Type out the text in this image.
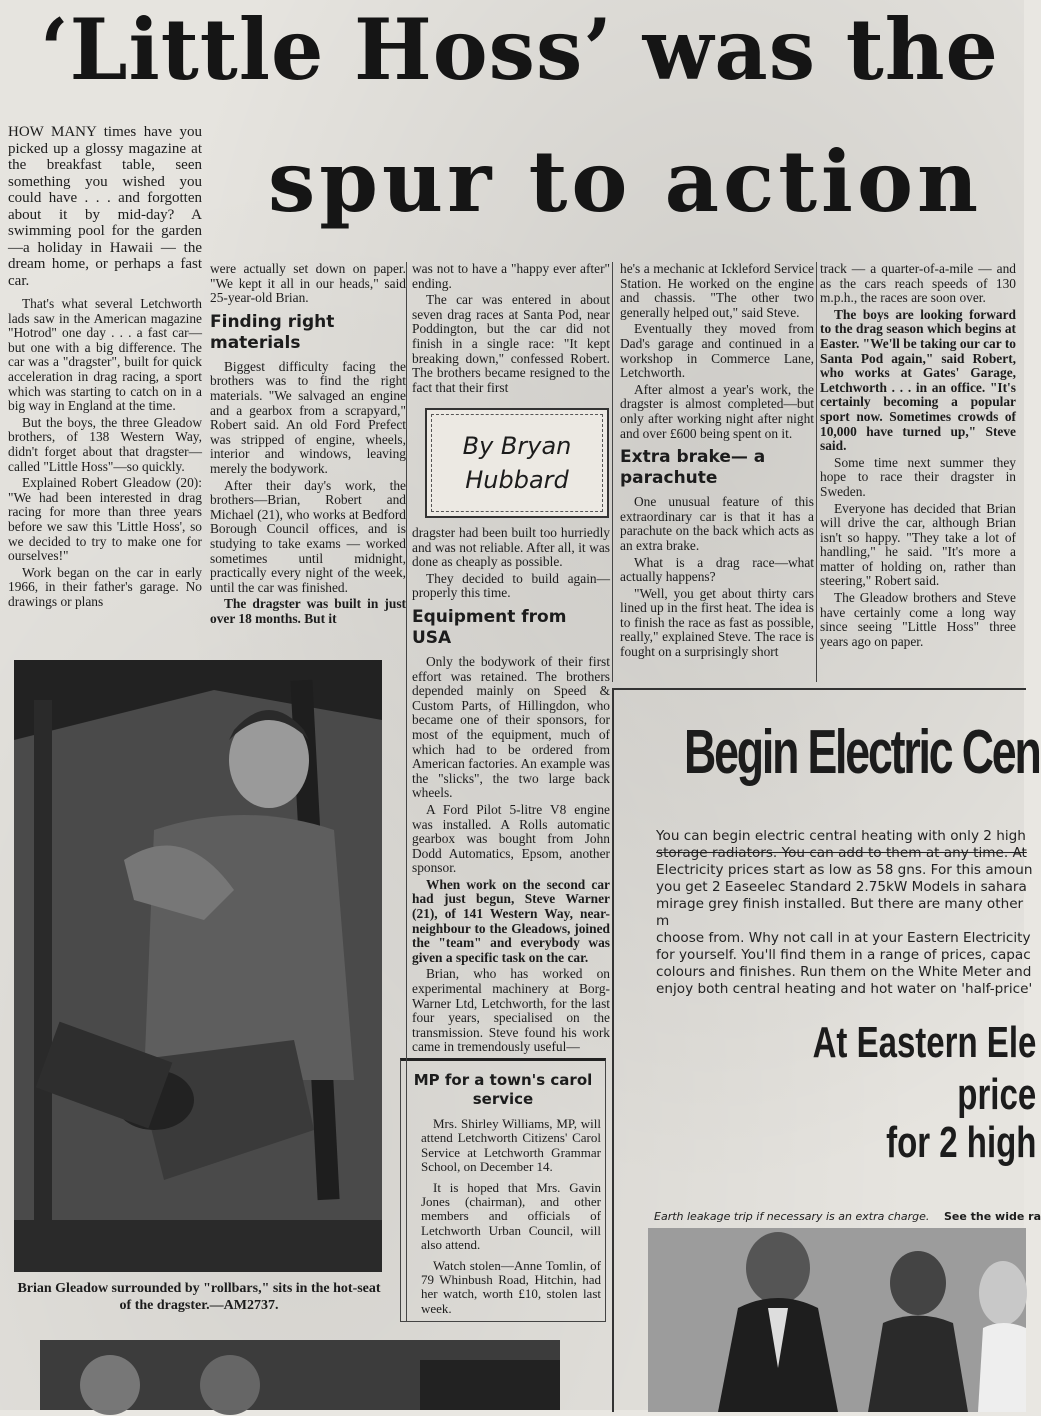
‘Little Hoss’ was the
spur to action

HOW MANY times have you picked up a glossy magazine at the breakfast table, seen something you wished you could have . . . and forgotten about it by mid-day? A swimming pool for the garden—a holiday in Hawaii — the dream home, or perhaps a fast car.

That's what several Letchworth lads saw in the American magazine "Hotrod" one day . . . a fast car—but one with a big difference. The car was a "dragster", built for quick acceleration in drag racing, a sport which was starting to catch on in a big way in England at the time.

But the boys, the three Gleadow brothers, of 138 Western Way, didn't forget about that dragster—called "Little Hoss"—so quickly.

Explained Robert Gleadow (20): "We had been interested in drag racing for more than three years before we saw this 'Little Hoss', so we decided to try to make one for ourselves!"

Work began on the car in early 1966, in their father's garage. No drawings or plans

were actually set down on paper. "We kept it all in our heads," said 25-year-old Brian.

Finding right materials

Biggest difficulty facing the brothers was to find the right materials. "We salvaged an engine and a gearbox from a scrapyard," Robert said. An old Ford Prefect was stripped of engine, wheels, interior and windows, leaving merely the bodywork.

After their day's work, the brothers—Brian, Robert and Michael (21), who works at Bedford Borough Council offices, and is studying to take exams — worked sometimes until midnight, practically every night of the week, until the car was finished.

The dragster was built in just over 18 months. But it

was not to have a "happy ever after" ending.

The car was entered in about seven drag races at Santa Pod, near Poddington, but the car did not finish in a single race: "It kept breaking down," confessed Robert. The brothers became resigned to the fact that their first

By Bryan
Hubbard

dragster had been built too hurriedly and was not reliable. After all, it was done as cheaply as possible.

They decided to build again—properly this time.

Equipment from USA

Only the bodywork of their first effort was retained. The brothers depended mainly on Speed & Custom Parts, of Hillingdon, who became one of their sponsors, for most of the equipment, much of which had to be ordered from American factories. An example was the "slicks", the two large back wheels.

A Ford Pilot 5-litre V8 engine was installed. A Rolls automatic gearbox was bought from John Dodd Automatics, Epsom, another sponsor.

When work on the second car had just begun, Steve Warner (21), of 141 Western Way, near-neighbour to the Gleadows, joined the "team" and everybody was given a specific task on the car.

Brian, who has worked on experimental machinery at Borg-Warner Ltd, Letchworth, for the last four years, specialised on the transmission. Steve found his work came in tremendously useful—

he's a mechanic at Ickleford Service Station. He worked on the engine and chassis. "The other two generally helped out," said Steve.

Eventually they moved from Dad's garage and continued in a workshop in Commerce Lane, Letchworth.

After almost a year's work, the dragster is almost completed—but only after working night after night and over £600 being spent on it.

Extra brake— a parachute

One unusual feature of this extraordinary car is that it has a parachute on the back which acts as an extra brake.

What is a drag race—what actually happens?

"Well, you get about thirty cars lined up in the first heat. The idea is to finish the race as fast as possible, really," explained Steve. The race is fought on a surprisingly short

track — a quarter-of-a-mile — and as the cars reach speeds of 130 m.p.h., the races are soon over.

The boys are looking forward to the drag season which begins at Easter. "We'll be taking our car to Santa Pod again," said Robert, who works at Gates' Garage, Letchworth . . . in an office. "It's certainly becoming a popular sport now. Sometimes crowds of 10,000 have turned up," Steve said.

Some time next summer they hope to race their dragster in Sweden.

Everyone has decided that Brian will drive the car, although Brian isn't so happy. "They take a lot of handling," he said. "It's more a matter of holding on, rather than steering," Robert said.

The Gleadow brothers and Steve have certainly come a long way since seeing "Little Hoss" three years ago on paper.

Brian Gleadow surrounded by "rollbars," sits in the hot-seat of the dragster.—AM2737.
MP for a town's carol service

Mrs. Shirley Williams, MP, will attend Letchworth Citizens' Carol Service at Letchworth Grammar School, on December 14.

It is hoped that Mrs. Gavin Jones (chairman), and other members and officials of Letchworth Urban Council, will also attend.

Watch stolen—Anne Tomlin, of 79 Whinbush Road, Hitchin, had her watch, worth £10, stolen last week.

Begin Electric Cen

You can begin electric central heating with only 2 high

storage radiators. You can add to them at any time. At

Electricity prices start as low as 58 gns. For this amoun

you get 2 Easeelec Standard 2.75kW Models in sahara

mirage grey finish installed. But there are many other m

choose from. Why not call in at your Eastern Electricity

for yourself. You'll find them in a range of prices, capac

colours and finishes. Run them on the White Meter and

enjoy both central heating and hot water on 'half-price'

At Eastern Ele
price
for 2 high
Earth leakage trip if necessary is an extra charge. See the wide ra
